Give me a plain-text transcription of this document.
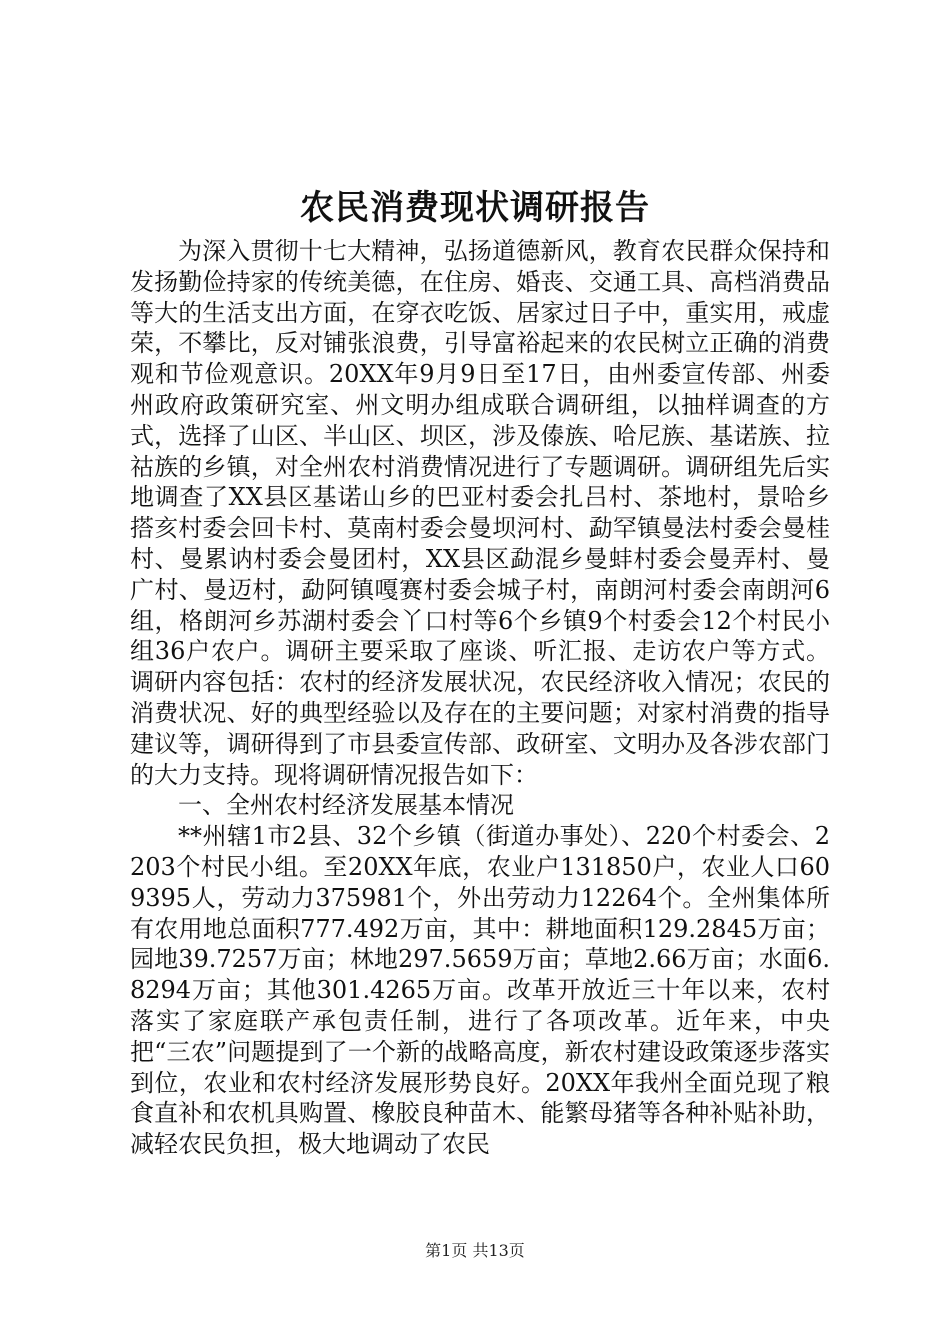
农民消费现状调研报告

为深入贯彻十七大精神，弘扬道德新风，教育农民群众保持和发扬勤俭持家的传统美德，在住房、婚丧、交通工具、高档消费品等大的生活支出方面，在穿衣吃饭、居家过日子中，重实用，戒虚荣，不攀比，反对铺张浪费，引导富裕起来的农民树立正确的消费观和节俭观意识。20XX年9月9日至17日，由州委宣传部、州委州政府政策研究室、州文明办组成联合调研组，以抽样调查的方式，选择了山区、半山区、坝区，涉及傣族、哈尼族、基诺族、拉祜族的乡镇，对全州农村消费情况进行了专题调研。调研组先后实地调查了XX县区基诺山乡的巴亚村委会扎吕村、茶地村，景哈乡搭亥村委会回卡村、莫南村委会曼坝河村、勐罕镇曼法村委会曼桂村、曼累讷村委会曼团村，XX县区勐混乡曼蚌村委会曼弄村、曼广村、曼迈村，勐阿镇嘎赛村委会城子村，南朗河村委会南朗河6组，格朗河乡苏湖村委会丫口村等6个乡镇9个村委会12个村民小组36户农户。调研主要采取了座谈、听汇报、走访农户等方式。调研内容包括：农村的经济发展状况，农民经济收入情况；农民的消费状况、好的典型经验以及存在的主要问题；对家村消费的指导建议等，调研得到了市县委宣传部、政研室、文明办及各涉农部门的大力支持。现将调研情况报告如下：

一、全州农村经济发展基本情况

**州辖1市2县、32个乡镇（街道办事处）、220个村委会、2203个村民小组。至20XX年底，农业户131850户，农业人口609395人，劳动力375981个，外出劳动力12264个。全州集体所有农用地总面积777.492万亩，其中：耕地面积129.2845万亩；园地39.7257万亩；林地297.5659万亩；草地2.66万亩；水面6.8294万亩；其他301.4265万亩。改革开放近三十年以来，农村落实了家庭联产承包责任制，进行了各项改革。近年来，中央把“三农”问题提到了一个新的战略高度，新农村建设政策逐步落实到位，农业和农村经济发展形势良好。20XX年我州全面兑现了粮食直补和农机具购置、橡胶良种苗木、能繁母猪等各种补贴补助，减轻农民负担，极大地调动了农民

第1页 共13页
